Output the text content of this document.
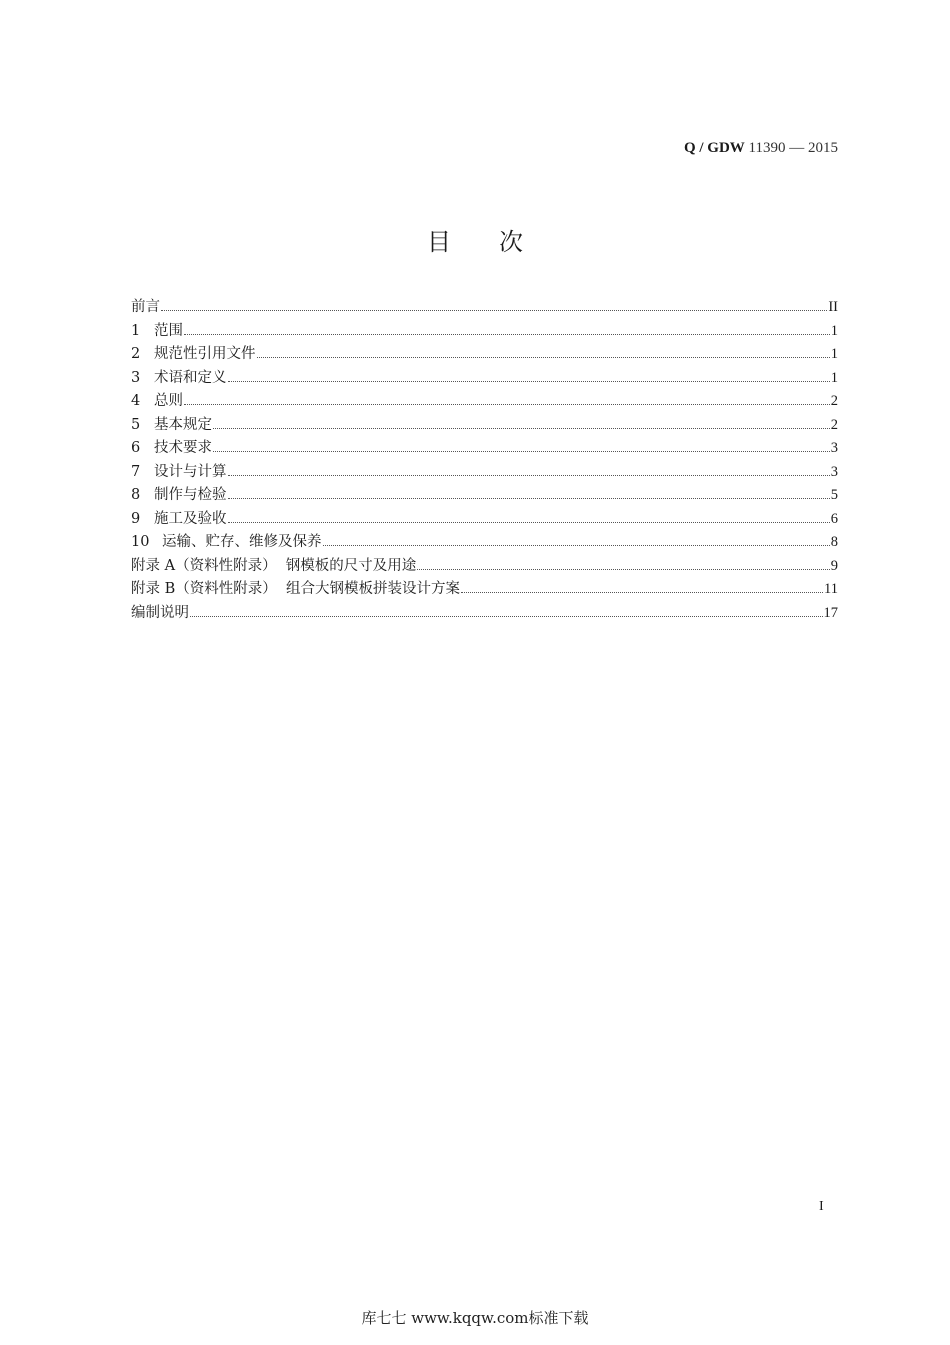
Q / GDW 11390 — 2015
目次
前言	II
1 范围	1
2 规范性引用文件	1
3 术语和定义	1
4 总则	2
5 基本规定	2
6 技术要求	3
7 设计与计算	3
8 制作与检验	5
9 施工及验收	6
10 运输、贮存、维修及保养	8
附录 A（资料性附录）  钢模板的尺寸及用途	9
附录 B（资料性附录）  组合大钢模板拼装设计方案	11
编制说明	17
I
库七七 www.kqqw.com标准下载
